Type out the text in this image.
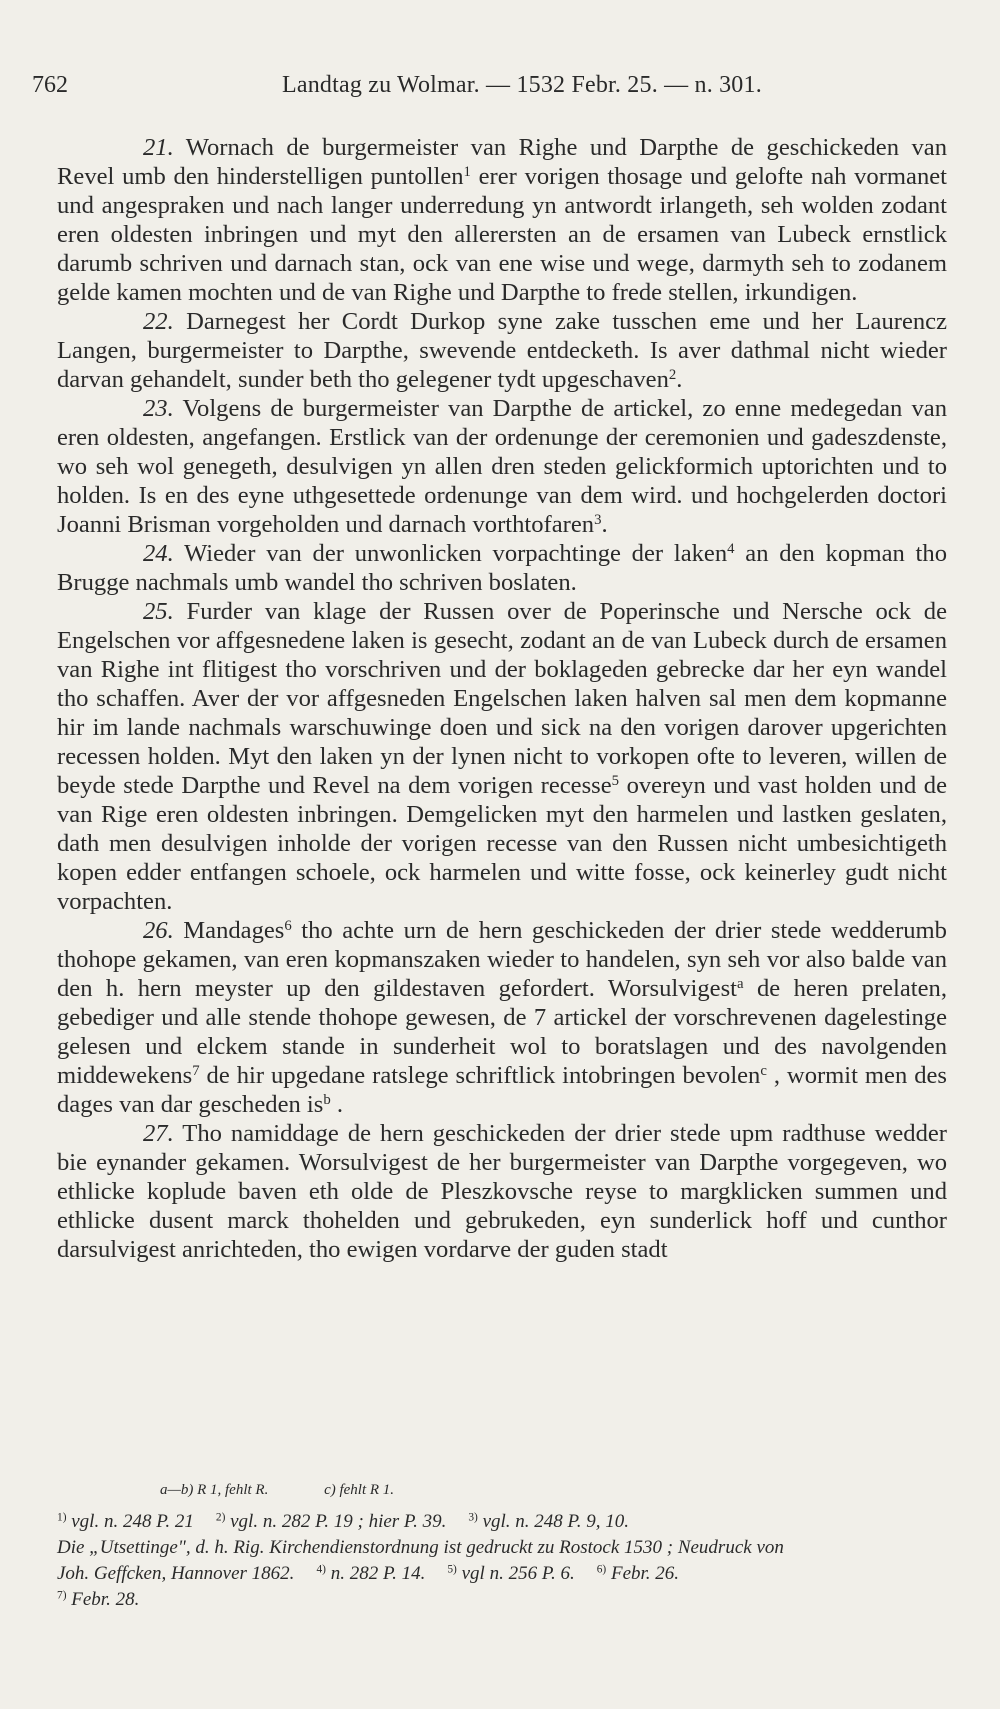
762	Landtag zu Wolmar. — 1532 Febr. 25. — n. 301.

21. Wornach de burgermeister van Righe und Darpthe de geschickeden van Revel umb den hinderstelligen puntollen$^1$ erer vorigen thosage und gelofte nah vormanet und angespraken und nach langer underredung yn antwordt irlangeth, seh wolden zodant eren oldesten inbringen und myt den allerersten an de ersamen van Lubeck ernstlick darumb schriven und darnach stan, ock van ene wise und wege, darmyth seh to zodanem gelde kamen mochten und de van Righe und Darpthe to frede stellen, irkundigen.

22. Darnegest her Cordt Durkop syne zake tusschen eme und her Laurencz Langen, burgermeister to Darpthe, swevende entdecketh. Is aver dathmal nicht wieder darvan gehandelt, sunder beth tho gelegener tydt upgeschaven$^2$.

23. Volgens de burgermeister van Darpthe de artickel, zo enne medegedan van eren oldesten, angefangen. Erstlick van der ordenunge der ceremonien und gadeszdenste, wo seh wol genegeth, desulvigen yn allen dren steden gelickformich uptorichten und to holden. Is en des eyne uthgesettede ordenunge van dem wird. und hochgelerden doctori Joanni Brisman vorgeholden und darnach vorthtofaren$^3$.

24. Wieder van der unwonlicken vorpachtinge der laken$^4$ an den kopman tho Brugge nachmals umb wandel tho schriven boslaten.

25. Furder van klage der Russen over de Poperinsche und Nersche ock de Engelschen vor affgesnedene laken is gesecht, zodant an de van Lubeck durch de ersamen van Righe int flitigest tho vorschriven und der boklageden gebrecke dar her eyn wandel tho schaffen. Aver der vor affgesneden Engelschen laken halven sal men dem kopmanne hir im lande nachmals warschuwinge doen und sick na den vorigen darover upgerichten recessen holden. Myt den laken yn der lynen nicht to vorkopen ofte to leveren, willen de beyde stede Darpthe und Revel na dem vorigen recesse$^5$ overeyn und vast holden und de van Rige eren oldesten inbringen. Demgelicken myt den harmelen und lastken geslaten, dath men desulvigen inholde der vorigen recesse van den Russen nicht umbesichtigeth kopen edder entfangen schoele, ock harmelen und witte fosse, ock keinerley gudt nicht vorpachten.

26. Mandages$^6$ tho achte urn de hern geschickeden der drier stede wedderumb thohope gekamen, van eren kopmanszaken wieder to handelen, syn seh vor also balde van den h. hern meyster up den gildestaven gefordert. Worsulvigest$^a$ de heren prelaten, gebediger und alle stende thohope gewesen, de 7 artickel der vorschrevenen dagelestinge gelesen und elckem stande in sunderheit wol to boratslagen und des navolgenden middewekens$^7$ de hir upgedane ratslege schriftlick intobringen bevolen$^c$ , wormit men des dages van dar gescheden $is^b$ .

27. Tho namiddage de hern geschickeden der drier stede upm radthuse wedder bie eynander gekamen. Worsulvigest de her burgermeister van Darpthe vorgegeven, wo ethlicke koplude baven eth olde de Pleszkovsche reyse to margklicken summen und ethlicke dusent marck thohelden und gebrukeden, eyn sunderlick hoff und cunthor darsulvigest anrichteden, tho ewigen vordarve der guden stadt

a—b) R 1, fehlt R.	c) fehlt R 1.

$^{1)}$ vgl. n. 248 P. 21 $^{2)}$ vgl. n. 282 P. 19 ; hier P. 39. $^{3)}$ vgl. n. 248 P. 9, 10.

Die „Utsettinge", d. h. Rig. Kirchendienstordnung ist gedruckt zu Rostock 1530 ; Neudruck von

Joh. Geffcken, Hannover 1862. $^{4)}$ n. 282 P. 14. $^{5)}$ vgl n. 256 P. 6. $^{6)}$ Febr. 26.

$^{7)}$ Febr. 28.
